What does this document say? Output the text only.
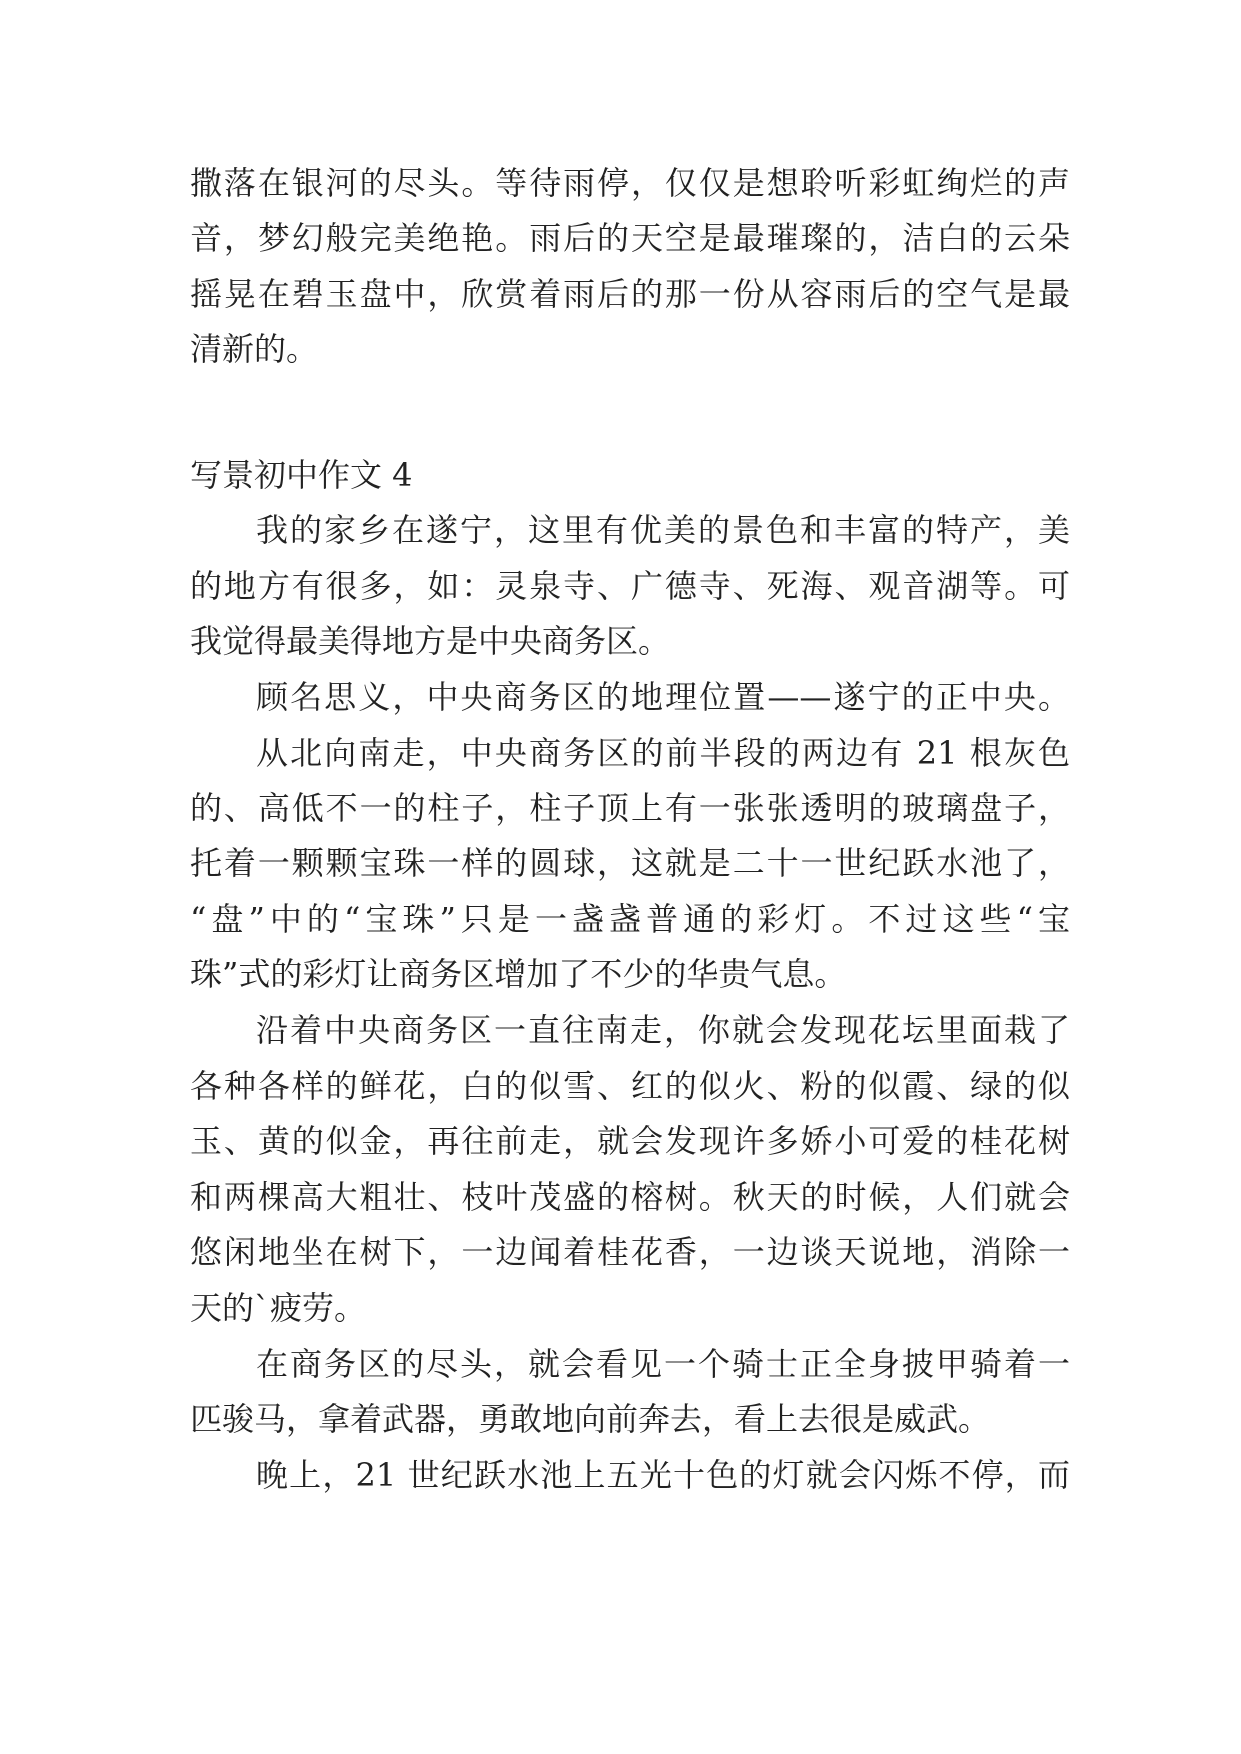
撒落在银河的尽头。等待雨停，仅仅是想聆听彩虹绚烂的声
音，梦幻般完美绝艳。雨后的天空是最璀璨的，洁白的云朵
摇晃在碧玉盘中，欣赏着雨后的那一份从容雨后的空气是最
清新的。
写景初中作文 4
我的家乡在遂宁，这里有优美的景色和丰富的特产，美
的地方有很多，如：灵泉寺、广德寺、死海、观音湖等。可
我觉得最美得地方是中央商务区。
顾名思义，中央商务区的地理位置——遂宁的正中央。
从北向南走，中央商务区的前半段的两边有 21 根灰色
的、高低不一的柱子，柱子顶上有一张张透明的玻璃盘子，
托着一颗颗宝珠一样的圆球，这就是二十一世纪跃水池了，
“盘”中的“宝珠”只是一盏盏普通的彩灯。不过这些“宝
珠”式的彩灯让商务区增加了不少的华贵气息。
沿着中央商务区一直往南走，你就会发现花坛里面栽了
各种各样的鲜花，白的似雪、红的似火、粉的似霞、绿的似
玉、黄的似金，再往前走，就会发现许多娇小可爱的桂花树
和两棵高大粗壮、枝叶茂盛的榕树。秋天的时候，人们就会
悠闲地坐在树下，一边闻着桂花香，一边谈天说地，消除一
天的`疲劳。
在商务区的尽头，就会看见一个骑士正全身披甲骑着一
匹骏马，拿着武器，勇敢地向前奔去，看上去很是威武。
晚上，21 世纪跃水池上五光十色的灯就会闪烁不停，而
